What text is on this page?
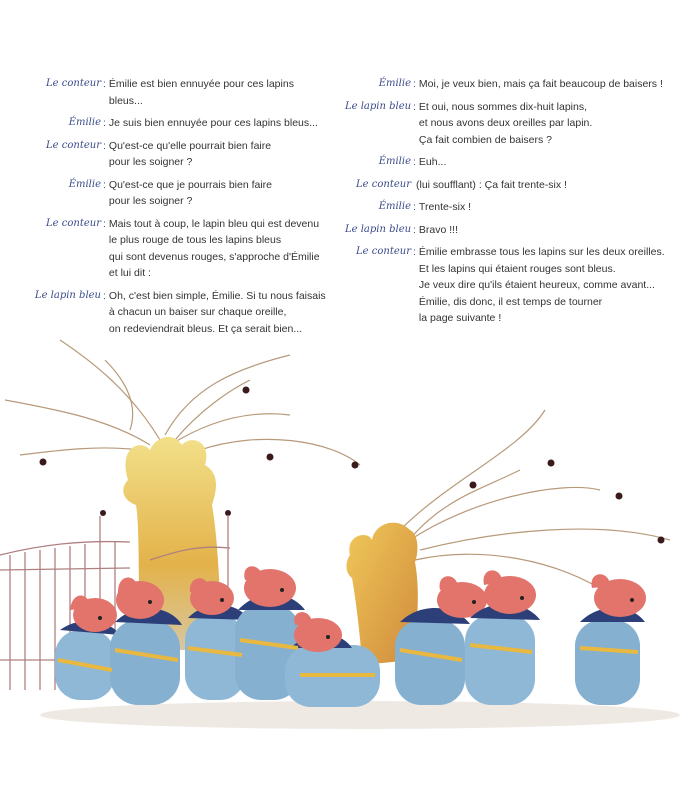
Le conteur : Émilie est bien ennuyée pour ces lapins bleus...
Émilie : Je suis bien ennuyée pour ces lapins bleus...
Le conteur : Qu'est-ce qu'elle pourrait bien faire
pour les soigner ?
Émilie : Qu'est-ce que je pourrais bien faire
pour les soigner ?
Le conteur : Mais tout à coup, le lapin bleu qui est devenu
le plus rouge de tous les lapins bleus
qui sont devenus rouges, s'approche d'Émilie
et lui dit :
Le lapin bleu : Oh, c'est bien simple, Émilie. Si tu nous faisais
à chacun un baiser sur chaque oreille,
on redeviendrait bleus. Et ça serait bien...
Émilie : Moi, je veux bien, mais ça fait beaucoup de baisers !
Le lapin bleu : Et oui, nous sommes dix-huit lapins,
et nous avons deux oreilles par lapin.
Ça fait combien de baisers ?
Émilie : Euh...
Le conteur (lui soufflant) : Ça fait trente-six !
Émilie : Trente-six !
Le lapin bleu : Bravo !!!
Le conteur : Émilie embrasse tous les lapins sur les deux oreilles.
Et les lapins qui étaient rouges sont bleus.
Je veux dire qu'ils étaient heureux, comme avant...
Émilie, dis donc, il est temps de tourner
la page suivante !
